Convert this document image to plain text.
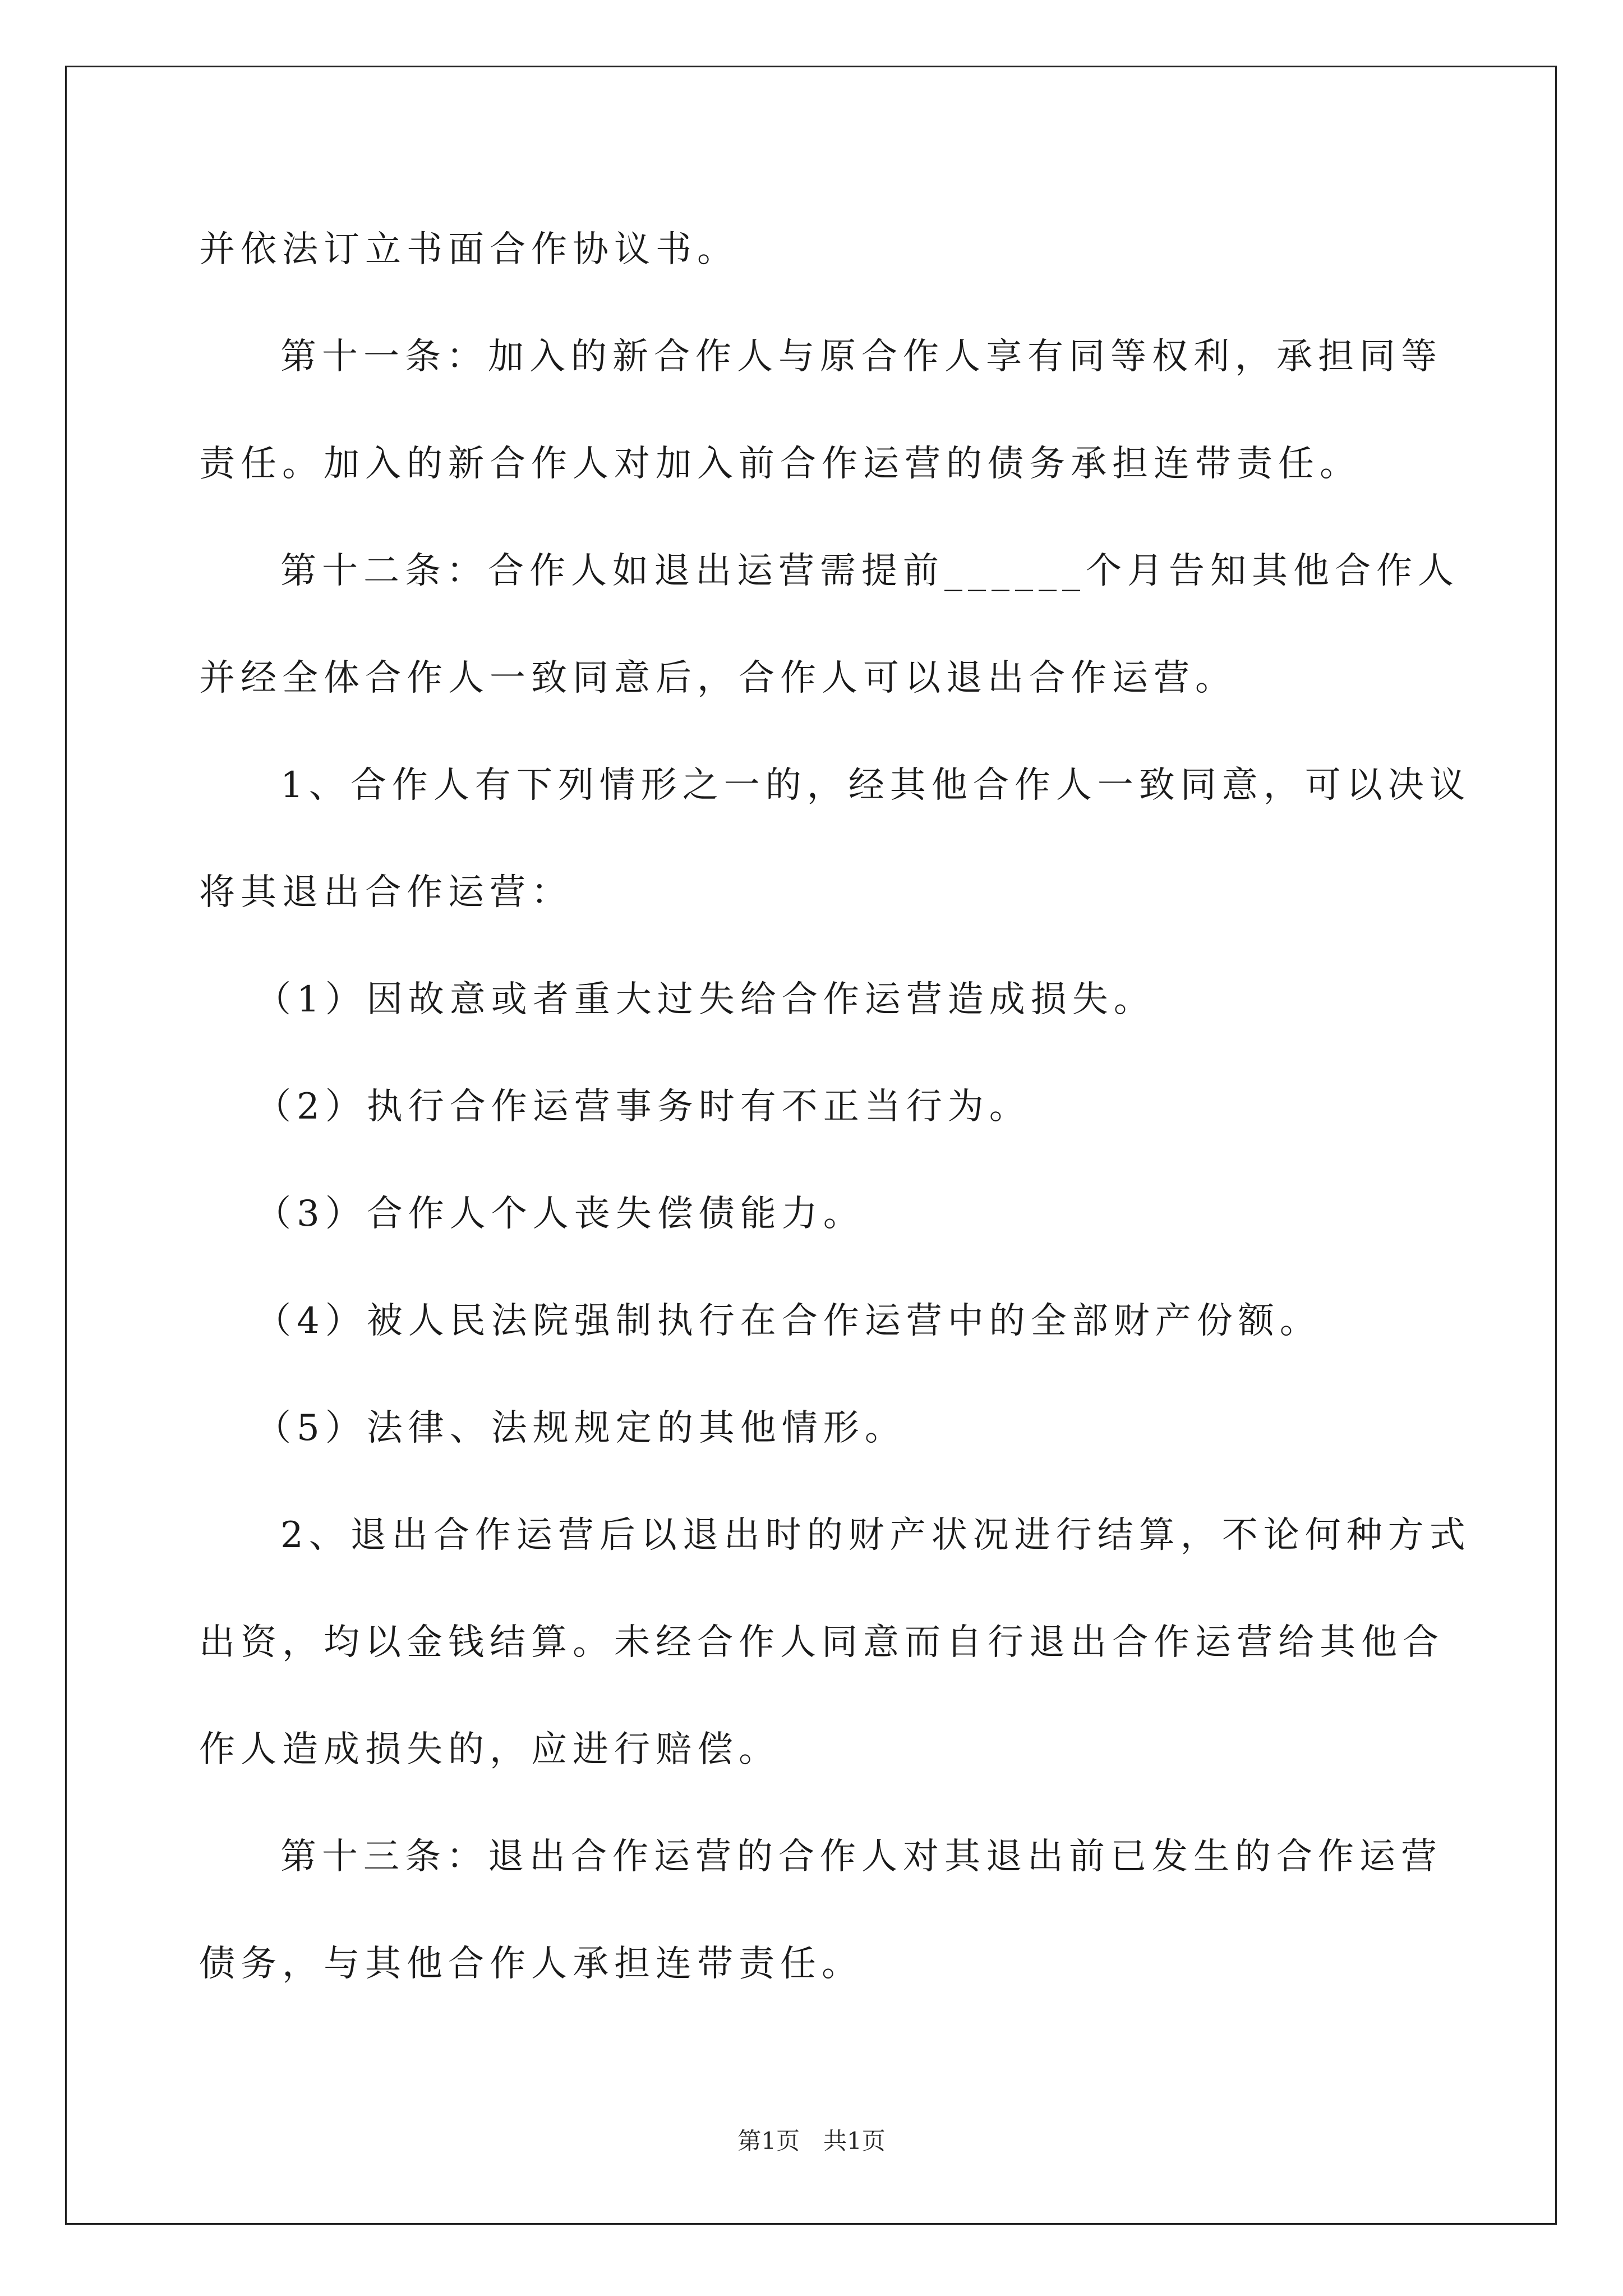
并依法订立书面合作协议书。
第十一条：加入的新合作人与原合作人享有同等权利，承担同等
责任。加入的新合作人对加入前合作运营的债务承担连带责任。
第十二条：合作人如退出运营需提前______个月告知其他合作人
并经全体合作人一致同意后，合作人可以退出合作运营。
1、合作人有下列情形之一的，经其他合作人一致同意，可以决议
将其退出合作运营：
（1）因故意或者重大过失给合作运营造成损失。
（2）执行合作运营事务时有不正当行为。
（3）合作人个人丧失偿债能力。
（4）被人民法院强制执行在合作运营中的全部财产份额。
（5）法律、法规规定的其他情形。
2、退出合作运营后以退出时的财产状况进行结算，不论何种方式
出资，均以金钱结算。未经合作人同意而自行退出合作运营给其他合
作人造成损失的，应进行赔偿。
第十三条：退出合作运营的合作人对其退出前已发生的合作运营
债务，与其他合作人承担连带责任。
第1页　共1页
